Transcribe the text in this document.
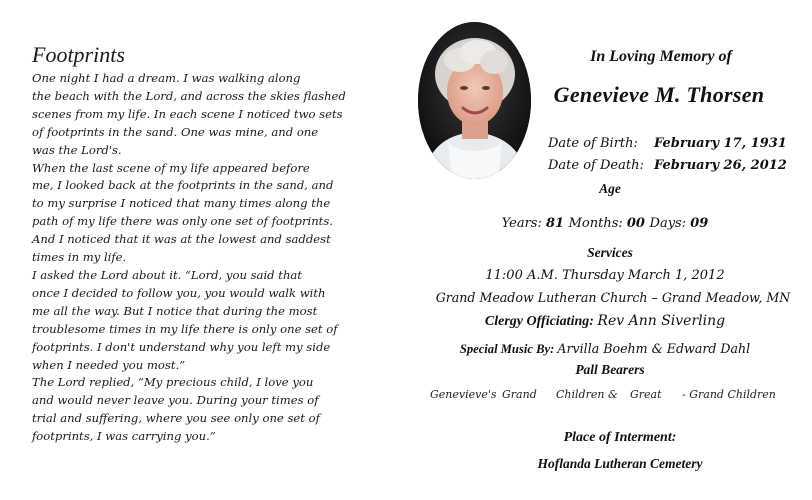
Footprints
One night I had a dream. I was walking along
the beach with the Lord, and across the skies flashed
scenes from my life. In each scene I noticed two sets
of footprints in the sand. One was mine, and one
was the Lord's.
When the last scene of my life appeared before
me, I looked back at the footprints in the sand, and
to my surprise I noticed that many times along the
path of my life there was only one set of footprints.
And I noticed that it was at the lowest and saddest
times in my life.
I asked the Lord about it. “Lord, you said that
once I decided to follow you, you would walk with
me all the way. But I notice that during the most
troublesome times in my life there is only one set of
footprints. I don't understand why you left my side
when I needed you most.”
The Lord replied, “My precious child, I love you
and would never leave you. During your times of
trial and suffering, where you see only one set of
footprints, I was carrying you.”
In Loving Memory of
Genevieve M. Thorsen
Date of Birth:	February 17, 1931
Date of Death: February 26, 2012
Age
Years: 81 Months: 00 Days: 09
Services
11:00 A.M. Thursday March 1, 2012
Grand Meadow Lutheran Church – Grand Meadow, MN
Clergy Officiating: Rev Ann Siverling
Special Music By: Arvilla Boehm & Edward Dahl
Pall Bearers
Genevieve's Grand Children & Great - Grand Children
Place of Interment:
Hoflanda Lutheran Cemetery
